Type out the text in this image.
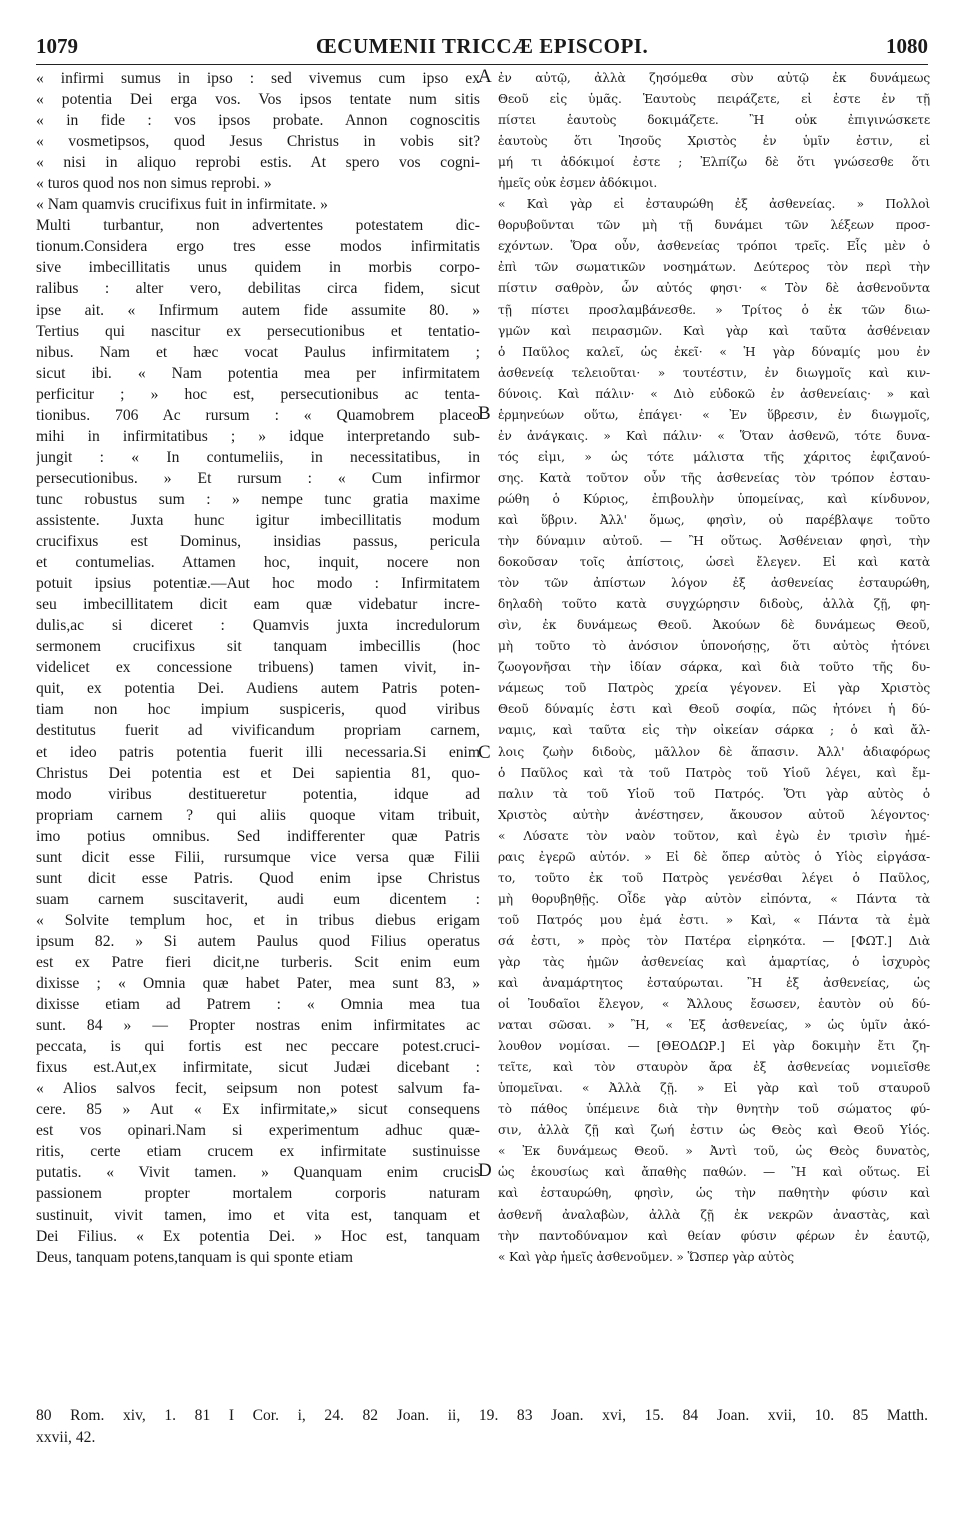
1079	ŒCUMENII TRICCÆ EPISCOPI.	1080
« infirmi sumus in ipso : sed vivemus cum ipso ex
« potentia Dei erga vos. Vos ipsos tentate num sitis
« in fide : vos ipsos probate. Annon cognoscitis
« vosmetipsos, quod Jesus Christus in vobis sit?
« nisi in aliquo reprobi estis. At spero vos cogni-
« turos quod nos non simus reprobi. »
« Nam quamvis crucifixus fuit in infirmitate. »
Multi turbantur, non advertentes potestatem dic-
tionum.Considera ergo tres esse modos infirmitatis
sive imbecillitatis unus quidem in morbis corpo-
ralibus : alter vero, debilitas circa fidem, sicut
ipse ait. « Infirmum autem fide assumite 80. »
Tertius qui nascitur ex persecutionibus et tentatio-
nibus. Nam et hæc vocat Paulus infirmitatem ;
sicut ibi. « Nam potentia mea per infirmitatem
perficitur ; » hoc est, persecutionibus ac tenta-
tionibus. 706 Ac rursum : « Quamobrem placeo
mihi in infirmitatibus ; » idque interpretando sub-
jungit : « In contumeliis, in necessitatibus, in
persecutionibus. » Et rursum : « Cum infirmor
tunc robustus sum : » nempe tunc gratia maxime
assistente. Juxta hunc igitur imbecillitatis modum
crucifixus est Dominus, insidias passus, pericula
et contumelias. Attamen hoc, inquit, nocere non
potuit ipsius potentiæ.—Aut hoc modo : Infirmitatem
seu imbecillitatem dicit eam quæ videbatur incre-
dulis,ac si diceret : Quamvis juxta incredulorum
sermonem crucifixus sit tanquam imbecillis (hoc
videlicet ex concessione tribuens) tamen vivit, in-
quit, ex potentia Dei. Audiens autem Patris poten-
tiam non hoc impium suspiceris, quod viribus
destitutus fuerit ad vivificandum propriam carnem,
et ideo patris potentia fuerit illi necessaria.Si enim
Christus Dei potentia est et Dei sapientia 81, quo-
modo viribus destitueretur potentia, idque ad
propriam carnem ? qui aliis quoque vitam tribuit,
imo potius omnibus. Sed indifferenter quæ Patris
sunt dicit esse Filii, rursumque vice versa quæ Filii
sunt dicit esse Patris. Quod enim ipse Christus
suam carnem suscitaverit, audi eum dicentem :
« Solvite templum hoc, et in tribus diebus erigam
ipsum 82. » Si autem Paulus quod Filius operatus
est ex Patre fieri dicit,ne turberis. Scit enim eum
dixisse ; « Omnia quæ habet Pater, mea sunt 83, »
dixisse etiam ad Patrem : « Omnia mea tua
sunt. 84 » — Propter nostras enim infirmitates ac
peccata, is qui fortis est nec peccare potest.cruci-
fixus est.Aut,ex infirmitate, sicut Judæi dicebant :
« Alios salvos fecit, seipsum non potest salvum fa-
cere. 85 » Aut « Ex infirmitate,» sicut consequens
est vos opinari.Nam si experimentum adhuc quæ-
ritis, certe etiam crucem ex infirmitate sustinuisse
putatis. « Vivit tamen. » Quanquam enim crucis
passionem propter mortalem corporis naturam
sustinuit, vivit tamen, imo et vita est, tanquam et
Dei Filius. « Ex potentia Dei. » Hoc est, tanquam
Deus, tanquam potens,tanquam is qui sponte etiam
ἐν αὐτῷ, ἀλλὰ ζησόμεθα σὺν αὐτῷ ἐκ δυνάμεως
Θεοῦ εἰς ὑμᾶς. Ἑαυτοὺς πειράζετε, εἰ ἐστε ἐν τῇ
πίστει ἑαυτοὺς δοκιμάζετε. Ἢ οὐκ ἐπιγινώσκετε
ἑαυτοὺς ὅτι Ἰησοῦς Χριστὸς ἐν ὑμῖν ἐστιν, εἰ
μή τι ἀδόκιμοί ἐστε ; Ἐλπίζω δὲ ὅτι γνώσεσθε ὅτι
ἡμεῖς οὐκ ἐσμεν ἀδόκιμοι.
« Καὶ γὰρ εἰ ἐσταυρώθη ἐξ ἀσθενείας. » Πολλοὶ
θορυβοῦνται τῶν μὴ τῇ δυνάμει τῶν λέξεων προσ-
εχόντων. Ὅρα οὖν, ἀσθενείας τρόποι τρεῖς. Εἷς μὲν ὁ
ἐπὶ τῶν σωματικῶν νοσημάτων. Δεύτερος τὸν περὶ τὴν
πίστιν σαθρὸν, ὧν αὐτός φησι· « Τὸν δὲ ἀσθενοῦντα
τῇ πίστει προσλαμβάνεσθε. » Τρίτος ὁ ἐκ τῶν διω-
γμῶν καὶ πειρασμῶν. Καὶ γὰρ καὶ ταῦτα ἀσθένειαν
ὁ Παῦλος καλεῖ, ὡς ἐκεῖ· « Ἡ γὰρ δύναμίς μου ἐν
ἀσθενείᾳ τελειοῦται· » τουτέστιν, ἐν διωγμοῖς καὶ κιν-
δύνοις. Καὶ πάλιν· « Διὸ εὐδοκῶ ἐν ἀσθενείαις· » καὶ
ἑρμηνεύων οὕτω, ἐπάγει· « Ἐν ὕβρεσιν, ἐν διωγμοῖς,
ἐν ἀνάγκαις. » Καὶ πάλιν· « Ὅταν ἀσθενῶ, τότε δυνα-
τός εἰμι, » ὡς τότε μάλιστα τῆς χάριτος ἐφιζανού-
σης. Κατὰ τοῦτον οὖν τῆς ἀσθενείας τὸν τρόπον ἐσταυ-
ρώθη ὁ Κύριος, ἐπιβουλὴν ὑπομείνας, καὶ κίνδυνον,
καὶ ὕβριν. Ἀλλ' ὅμως, φησὶν, οὐ παρέβλαψε τοῦτο
τὴν δύναμιν αὐτοῦ. — Ἢ οὕτως. Ἀσθένειαν φησὶ, τὴν
δοκοῦσαν τοῖς ἀπίστοις, ὡσεὶ ἔλεγεν. Εἰ καὶ κατὰ
τὸν τῶν ἀπίστων λόγον ἐξ ἀσθενείας ἐσταυρώθη,
δηλαδὴ τοῦτο κατὰ συγχώρησιν διδοὺς, ἀλλὰ ζῇ, φη-
σὶν, ἐκ δυνάμεως Θεοῦ. Ἀκούων δὲ δυνάμεως Θεοῦ,
μὴ τοῦτο τὸ ἀνόσιον ὑπονοήσῃς, ὅτι αὐτὸς ἠτόνει
ζωογονῆσαι τὴν ἰδίαν σάρκα, καὶ διὰ τοῦτο τῆς δυ-
νάμεως τοῦ Πατρὸς χρεία γέγονεν. Εἰ γὰρ Χριστὸς
Θεοῦ δύναμίς ἐστι καὶ Θεοῦ σοφία, πῶς ἠτόνει ἡ δύ-
ναμις, καὶ ταῦτα εἰς τὴν οἰκείαν σάρκα ; ὁ καὶ ἄλ-
λοις ζωὴν διδοὺς, μᾶλλον δὲ ἅπασιν. Ἀλλ' ἀδιαφόρως
ὁ Παῦλος καὶ τὰ τοῦ Πατρὸς τοῦ Υἱοῦ λέγει, καὶ ἔμ-
παλιν τὰ τοῦ Υἱοῦ τοῦ Πατρός. Ὅτι γὰρ αὐτὸς ὁ
Χριστὸς αὐτὴν ἀνέστησεν, ἄκουσον αὐτοῦ λέγοντος·
« Λύσατε τὸν ναὸν τοῦτον, καὶ ἐγὼ ἐν τρισὶν ἡμέ-
ραις ἐγερῶ αὐτόν. » Εἰ δὲ ὅπερ αὐτὸς ὁ Υἱὸς εἰργάσα-
το, τοῦτο ἐκ τοῦ Πατρὸς γενέσθαι λέγει ὁ Παῦλος,
μὴ θορυβηθῇς. Οἶδε γὰρ αὐτὸν εἰπόντα, « Πάντα τὰ
τοῦ Πατρός μου ἐμά ἐστι. » Καὶ, « Πάντα τὰ ἐμὰ
σά ἐστι, » πρὸς τὸν Πατέρα εἰρηκότα. — [ΦΩΤ.] Διὰ
γὰρ τὰς ἡμῶν ἀσθενείας καὶ ἁμαρτίας, ὁ ἰσχυρὸς
καὶ ἀναμάρτητος ἐσταύρωται. Ἢ ἐξ ἀσθενείας, ὡς
οἱ Ἰουδαῖοι ἔλεγον, « Ἄλλους ἔσωσεν, ἑαυτὸν οὐ δύ-
ναται σῶσαι. » Ἢ, « Ἐξ ἀσθενείας, » ὡς ὑμῖν ἀκό-
λουθον νομίσαι. — [ΘΕΟΔΩΡ.] Εἰ γὰρ δοκιμὴν ἔτι ζη-
τεῖτε, καὶ τὸν σταυρὸν ἄρα ἐξ ἀσθενείας νομιεῖσθε
ὑπομεῖναι. « Ἀλλὰ ζῇ. » Εἰ γὰρ καὶ τοῦ σταυροῦ
τὸ πάθος ὑπέμεινε διὰ τὴν θνητὴν τοῦ σώματος φύ-
σιν, ἀλλὰ ζῇ καὶ ζωή ἐστιν ὡς Θεὸς καὶ Θεοῦ Υἱός.
« Ἐκ δυνάμεως Θεοῦ. » Ἀντὶ τοῦ, ὡς Θεὸς δυνατὸς,
ὡς ἑκουσίως καὶ ἄπαθὴς παθών. — Ἢ καὶ οὕτως. Εἰ
καὶ ἐσταυρώθη, φησὶν, ὡς τὴν παθητὴν φύσιν καὶ
ἀσθενῆ ἀναλαβὼν, ἀλλὰ ζῇ ἐκ νεκρῶν ἀναστὰς, καὶ
τὴν παντοδύναμον καὶ θείαν φύσιν φέρων ἐν ἑαυτῷ,
« Καὶ γὰρ ἡμεῖς ἀσθενοῦμεν. » Ὥσπερ γὰρ αὐτὸς
A
B
C
D
80 Rom. xiv, 1. 81 I Cor. i, 24. 82 Joan. ii, 19. 83 Joan. xvi, 15. 84 Joan. xvii, 10. 85 Matth.
xxvii, 42.
